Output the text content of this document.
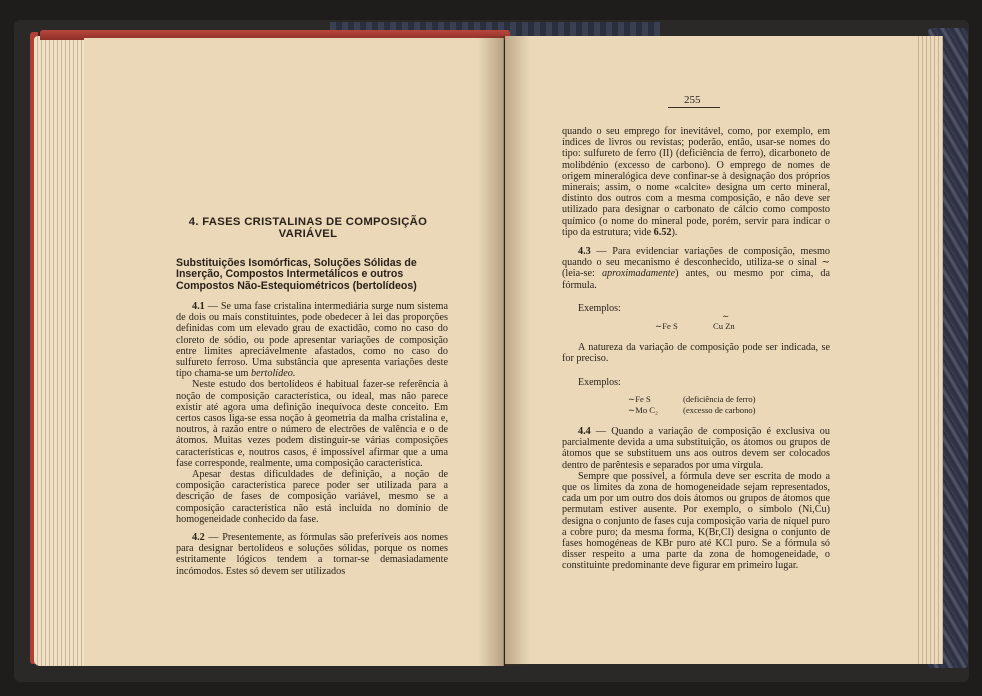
4. FASES CRISTALINAS DE COMPOSIÇÃO VARIÁVEL
Substituições Isomórficas, Soluções Sólidas de Inserção, Compostos Intermetálicos e outros Compostos Não-Estequiométricos (bertolídeos)

4.1 — Se uma fase cristalina intermediária surge num sistema de dois ou mais constituintes, pode obedecer à lei das proporções definidas com um elevado grau de exactidão, como no caso do cloreto de sódio, ou pode apresentar variações de composição entre limites apreciávelmente afastados, como no caso do sulfureto ferroso. Uma substância que apresenta variações deste tipo chama-se um bertolídeo.

Neste estudo dos bertolídeos é habitual fazer-se referência à noção de composição característica, ou ideal, mas não parece existir até agora uma definição inequívoca deste conceito. Em certos casos liga-se essa noção à geometria da malha cristalina e, noutros, à razão entre o número de electrões de valência e o de átomos. Muitas vezes podem distinguir-se várias composições características e, noutros casos, é impossível afirmar que a uma fase corresponde, realmente, uma composição característica.

Apesar destas dificuldades de definição, a noção de composição característica parece poder ser utilizada para a descrição de fases de composição variável, mesmo se a composição característica não está incluída no domínio de homogeneidade conhecido da fase.

4.2 — Presentemente, as fórmulas são preferíveis aos nomes para designar bertolídeos e soluções sólidas, porque os nomes estritamente lógicos tendem a tornar-se demasiadamente incómodos. Estes só devem ser utilizados

255

quando o seu emprego for inevitável, como, por exemplo, em índices de livros ou revistas; poderão, então, usar-se nomes do tipo: sulfureto de ferro (II) (deficiência de ferro), dicarboneto de molibdénio (excesso de carbono). O emprego de nomes de origem mineralógica deve confinar-se à designação dos próprios minerais; assim, o nome «calcite» designa um certo mineral, distinto dos outros com a mesma composição, e não deve ser utilizado para designar o carbonato de cálcio como composto químico (o nome do mineral pode, porém, servir para indicar o tipo da estrutura; vide 6.52).

4.3 — Para evidenciar variações de composição, mesmo quando o seu mecanismo é desconhecido, utiliza-se o sinal ∼ (leia-se: aproximadamente) antes, ou mesmo por cima, da fórmula.

Exemplos:
∼Fe S
∼
Cu Zn

A natureza da variação de composição pode ser indicada, se for preciso.

Exemplos:
∼Fe S	(deficiência de ferro)
∼Mo C₂	(excesso de carbono)

4.4 — Quando a variação de composição é exclusiva ou parcialmente devida a uma substituição, os átomos ou grupos de átomos que se substituem uns aos outros devem ser colocados dentro de parêntesis e separados por uma vírgula.

Sempre que possível, a fórmula deve ser escrita de modo a que os limites da zona de homogeneidade sejam representados, cada um por um outro dos dois átomos ou grupos de átomos que permutam estiver ausente. Por exemplo, o símbolo (Ni,Cu) designa o conjunto de fases cuja composição varia de níquel puro a cobre puro; da mesma forma, K(Br,Cl) designa o conjunto de fases homogéneas de KBr puro até KCl puro. Se a fórmula só disser respeito a uma parte da zona de homogeneidade, o constituinte predominante deve figurar em primeiro lugar.
